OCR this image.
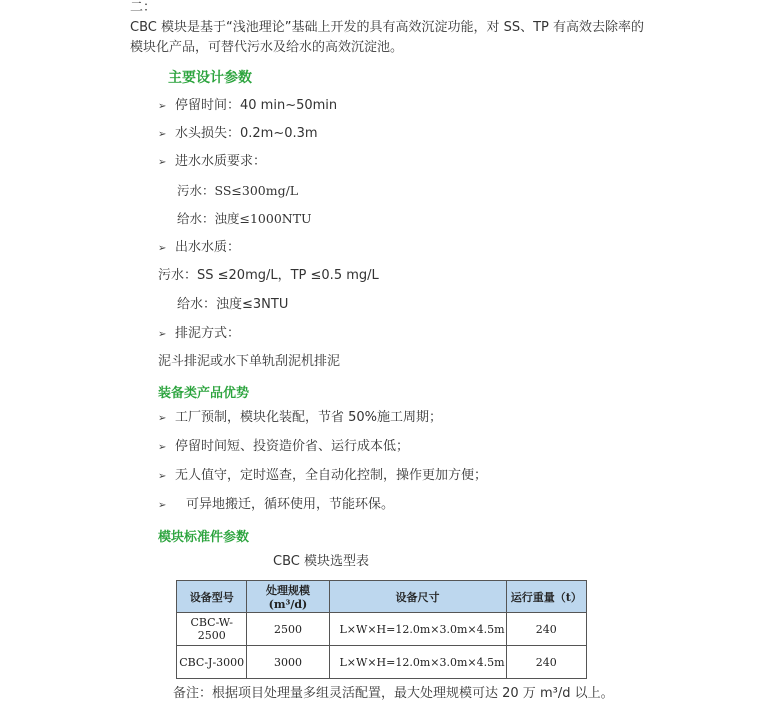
二：
CBC 模块是基于“浅池理论”基础上开发的具有高效沉淀功能，对 SS、TP 有高效去除率的
模块化产品，可替代污水及给水的高效沉淀池。
主要设计参数
➢ 停留时间：40 min~50min
➢ 水头损失：0.2m~0.3m
➢ 进水水质要求：
污水：SS≤300mg/L
给水：浊度≤1000NTU
➢ 出水水质：
污水：SS ≤20mg/L，TP ≤0.5 mg/L
给水：浊度≤3NTU
➢ 排泥方式：
泥斗排泥或水下单轨刮泥机排泥
装备类产品优势
➢ 工厂预制，模块化装配，节省 50%施工周期；
➢ 停留时间短、投资造价省、运行成本低；
➢ 无人值守，定时巡查，全自动化控制，操作更加方便；
➢ 可异地搬迁，循环使用，节能环保。
模块标准件参数
CBC 模块选型表
设备型号	处理规模(m³/d)	设备尺寸	运行重量（t）
CBC-W-2500	2500	L×W×H=12.0m×3.0m×4.5m	240
CBC-J-3000	3000	L×W×H=12.0m×3.0m×4.5m	240
备注：根据项目处理量多组灵活配置，最大处理规模可达 20 万 m³/d 以上。
